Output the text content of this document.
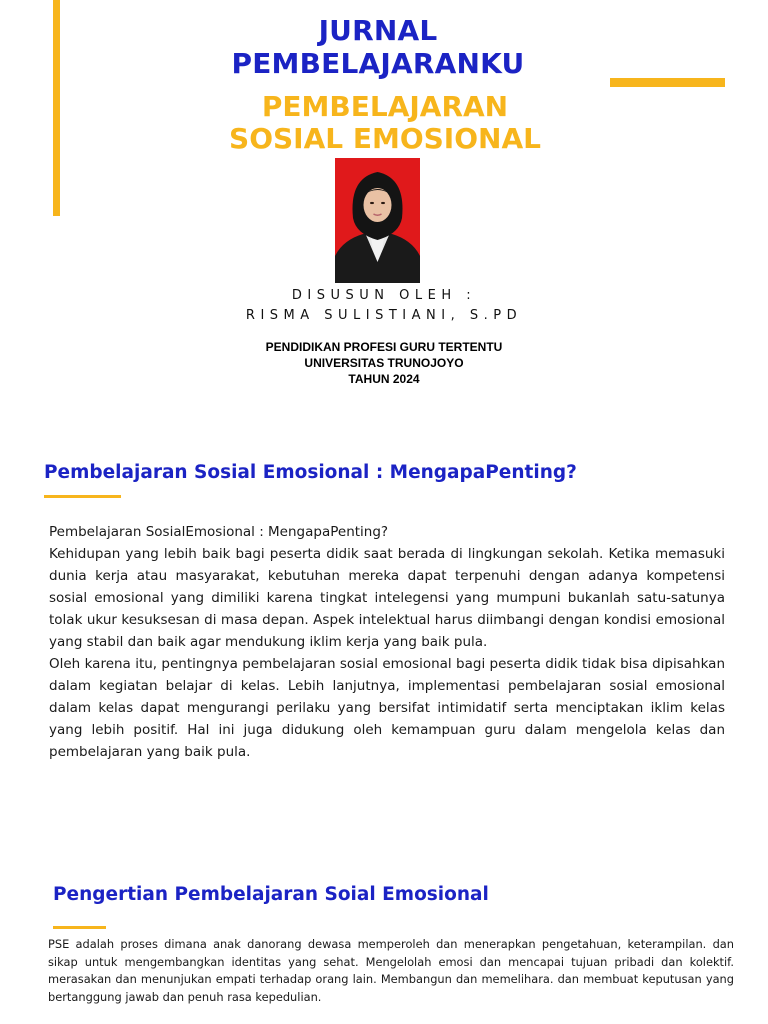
JURNAL
PEMBELAJARANKU
PEMBELAJARAN
SOSIAL EMOSIONAL
DISUSUN OLEH :
RISMA SULISTIANI, S.PD
PENDIDIKAN PROFESI GURU TERTENTU
UNIVERSITAS TRUNOJOYO
TAHUN 2024
Pembelajaran Sosial Emosional : MengapaPenting?
Pembelajaran SosialEmosional : MengapaPenting?
Kehidupan yang lebih baik bagi peserta didik saat berada di lingkungan sekolah. Ketika memasuki dunia kerja atau masyarakat, kebutuhan mereka dapat terpenuhi dengan adanya kompetensi sosial emosional yang dimiliki karena tingkat intelegensi yang mumpuni bukanlah satu-satunya tolak ukur kesuksesan di masa depan. Aspek intelektual harus diimbangi dengan kondisi emosional yang stabil dan baik agar mendukung iklim kerja yang baik pula.
Oleh karena itu, pentingnya pembelajaran sosial emosional bagi peserta didik tidak bisa dipisahkan dalam kegiatan belajar di kelas. Lebih lanjutnya, implementasi pembelajaran sosial emosional dalam kelas dapat mengurangi perilaku yang bersifat intimidatif serta menciptakan iklim kelas yang lebih positif. Hal ini juga didukung oleh kemampuan guru dalam mengelola kelas dan pembelajaran yang baik pula.
Pengertian Pembelajaran Soial Emosional
PSE adalah proses dimana anak danorang dewasa memperoleh dan menerapkan pengetahuan, keterampilan. dan sikap untuk mengembangkan identitas yang sehat. Mengelolah emosi dan mencapai tujuan pribadi dan kolektif. merasakan dan menunjukan empati terhadap orang lain. Membangun dan memelihara. dan membuat keputusan yang bertanggung jawab dan penuh rasa kepedulian.
